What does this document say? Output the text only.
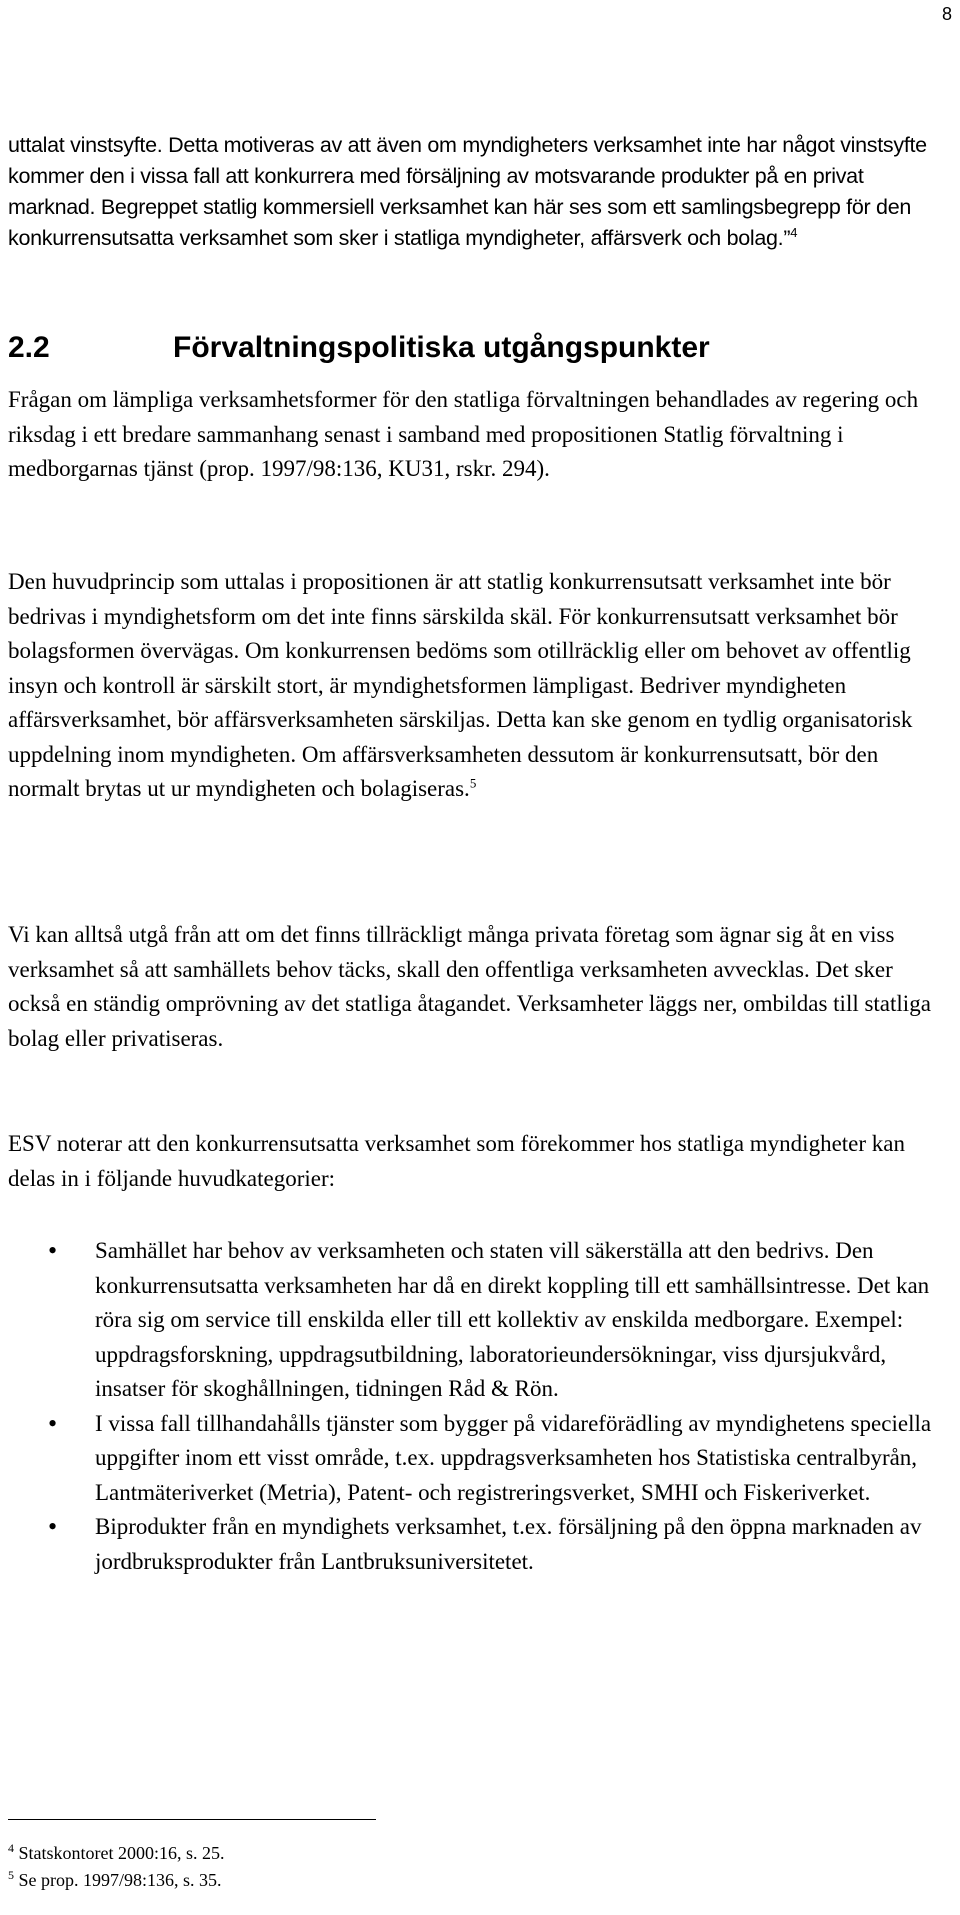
8

uttalat vinstsyfte. Detta motiveras av att även om myndigheters verksamhet inte har något vinstsyfte kommer den i vissa fall att konkurrera med försäljning av motsvarande produkter på en privat marknad. Begreppet statlig kommersiell verksamhet kan här ses som ett samlingsbegrepp för den konkurrensutsatta verksamhet som sker i statliga myndigheter, affärsverk och bolag.”$^4$

2.2	Förvaltningspolitiska utgångspunkter

Frågan om lämpliga verksamhetsformer för den statliga förvaltningen behandlades av regering och riksdag i ett bredare sammanhang senast i samband med propositionen Statlig förvaltning i medborgarnas tjänst (prop. 1997/98:136, KU31, rskr. 294).

Den huvudprincip som uttalas i propositionen är att statlig konkurrensutsatt verksamhet inte bör bedrivas i myndighetsform om det inte finns särskilda skäl. För konkurrensutsatt verksamhet bör bolagsformen övervägas. Om konkurrensen bedöms som otillräcklig eller om behovet av offentlig insyn och kontroll är särskilt stort, är myndighetsformen lämpligast. Bedriver myndigheten affärsverksamhet, bör affärsverksamheten särskiljas. Detta kan ske genom en tydlig organisatorisk uppdelning inom myndigheten. Om affärsverksamheten dessutom är konkurrensutsatt, bör den normalt brytas ut ur myndigheten och bolagiseras.$^5$

Vi kan alltså utgå från att om det finns tillräckligt många privata företag som ägnar sig åt en viss verksamhet så att samhällets behov täcks, skall den offentliga verksamheten avvecklas. Det sker också en ständig omprövning av det statliga åtagandet. Verksamheter läggs ner, ombildas till statliga bolag eller privatiseras.

ESV noterar att den konkurrensutsatta verksamhet som förekommer hos statliga myndigheter kan delas in i följande huvudkategorier:

• Samhället har behov av verksamheten och staten vill säkerställa att den bedrivs. Den konkurrensutsatta verksamheten har då en direkt koppling till ett samhällsintresse. Det kan röra sig om service till enskilda eller till ett kollektiv av enskilda medborgare. Exempel: uppdragsforskning, uppdragsutbildning, laboratorieundersökningar, viss djursjukvård, insatser för skoghållningen, tidningen Råd & Rön.
• I vissa fall tillhandahålls tjänster som bygger på vidareförädling av myndighetens speciella uppgifter inom ett visst område, t.ex. uppdragsverksamheten hos Statistiska centralbyrån, Lantmäteriverket (Metria), Patent- och registreringsverket, SMHI och Fiskeriverket.
• Biprodukter från en myndighets verksamhet, t.ex. försäljning på den öppna marknaden av jordbruksprodukter från Lantbruksuniversitetet.
$^4$ Statskontoret 2000:16, s. 25.
$^5$ Se prop. 1997/98:136, s. 35.
